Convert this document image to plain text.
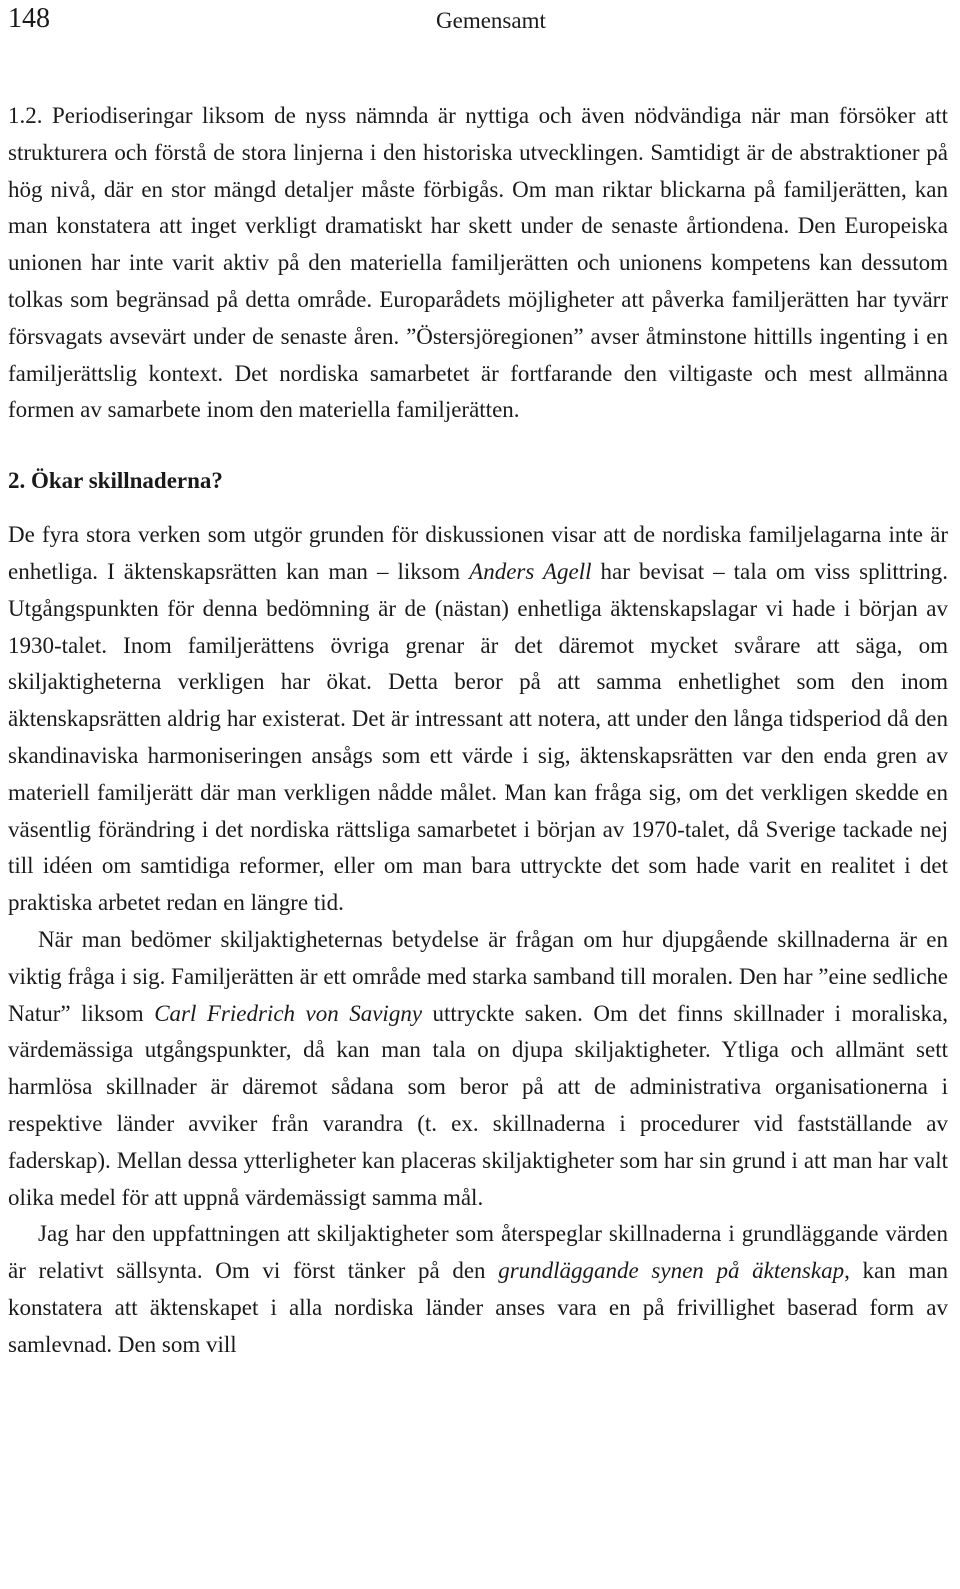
148	Gemensamt

1.2. Periodiseringar liksom de nyss nämnda är nyttiga och även nödvändiga när man försöker att strukturera och förstå de stora linjerna i den historiska utvecklingen. Samtidigt är de abstraktioner på hög nivå, där en stor mängd detaljer måste förbigås. Om man riktar blickarna på familjerätten, kan man konstatera att inget verkligt dramatiskt har skett under de senaste årtiondena. Den Europeiska unionen har inte varit aktiv på den materiella familjerätten och unionens kompetens kan dessutom tolkas som begränsad på detta område. Europarådets möjligheter att påverka familjerätten har tyvärr försvagats avsevärt under de senaste åren. ”Östersjöregionen” avser åtminstone hittills ingenting i en familjerättslig kontext. Det nordiska samarbetet är fortfarande den viltigaste och mest allmänna formen av samarbete inom den materiella familjerätten.

2. Ökar skillnaderna?

De fyra stora verken som utgör grunden för diskussionen visar att de nordiska familjelagarna inte är enhetliga. I äktenskapsrätten kan man – liksom Anders Agell har bevisat – tala om viss splittring. Utgångspunkten för denna bedömning är de (nästan) enhetliga äktenskapslagar vi hade i början av 1930-talet. Inom familjerättens övriga grenar är det däremot mycket svårare att säga, om skiljaktigheterna verkligen har ökat. Detta beror på att samma enhetlighet som den inom äktenskapsrätten aldrig har existerat. Det är intressant att notera, att under den långa tidsperiod då den skandinaviska harmoniseringen ansågs som ett värde i sig, äktenskapsrätten var den enda gren av materiell familjerätt där man verkligen nådde målet. Man kan fråga sig, om det verkligen skedde en väsentlig förändring i det nordiska rättsliga samarbetet i början av 1970-talet, då Sverige tackade nej till idéen om samtidiga reformer, eller om man bara uttryckte det som hade varit en realitet i det praktiska arbetet redan en längre tid.

När man bedömer skiljaktigheternas betydelse är frågan om hur djupgående skillnaderna är en viktig fråga i sig. Familjerätten är ett område med starka samband till moralen. Den har ”eine sedliche Natur” liksom Carl Friedrich von Savigny uttryckte saken. Om det finns skillnader i moraliska, värdemässiga utgångspunkter, då kan man tala on djupa skiljaktigheter. Ytliga och allmänt sett harmlösa skillnader är däremot sådana som beror på att de administrativa organisationerna i respektive länder avviker från varandra (t. ex. skillnaderna i procedurer vid fastställande av faderskap). Mellan dessa ytterligheter kan placeras skiljaktigheter som har sin grund i att man har valt olika medel för att uppnå värdemässigt samma mål.

Jag har den uppfattningen att skiljaktigheter som återspeglar skillnaderna i grundläggande värden är relativt sällsynta. Om vi först tänker på den grundläggande synen på äktenskap, kan man konstatera att äktenskapet i alla nordiska länder anses vara en på frivillighet baserad form av samlevnad. Den som vill
